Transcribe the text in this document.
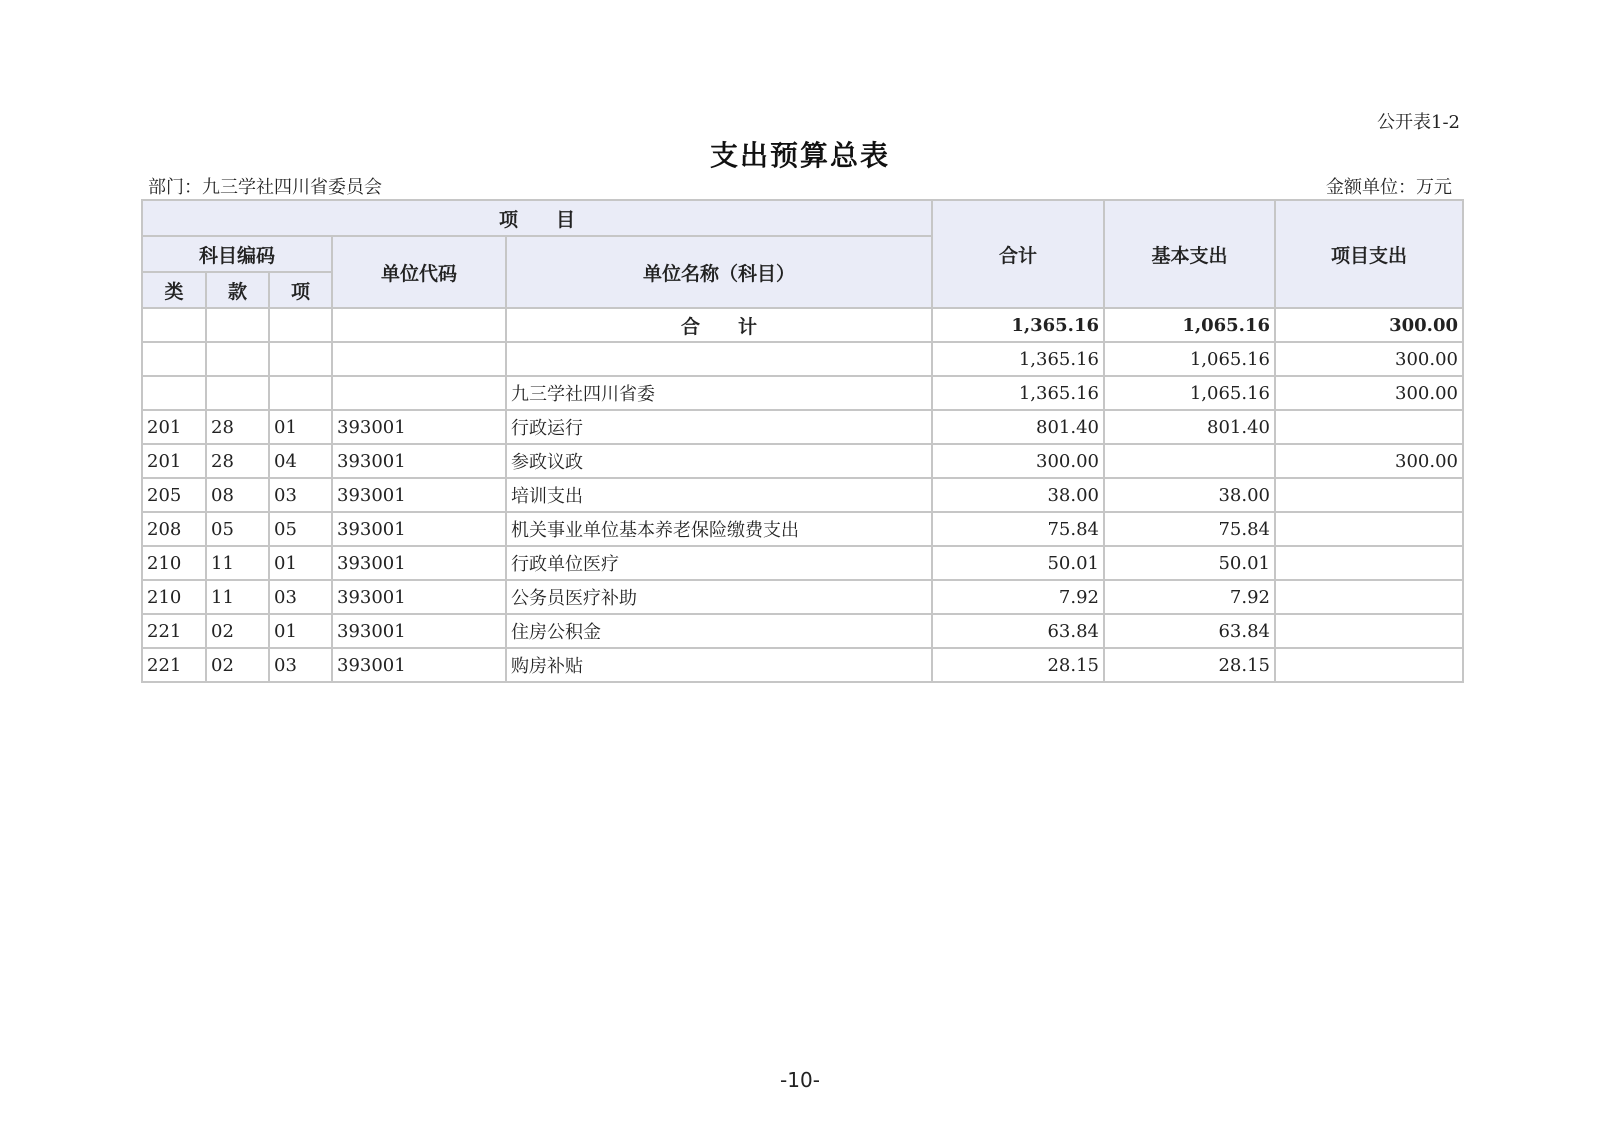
公开表1-2
支出预算总表
部门：九三学社四川省委员会	金额单位：万元
项　　目					合计	基本支出	项目支出
科目编码			单位代码	单位名称（科目）			
类	款	项					
				合　　计	1,365.16	1,065.16	300.00
					1,365.16	1,065.16	300.00
				九三学社四川省委	1,365.16	1,065.16	300.00
201	28	01	393001	行政运行	801.40	801.40	
201	28	04	393001	参政议政	300.00		300.00
205	08	03	393001	培训支出	38.00	38.00	
208	05	05	393001	机关事业单位基本养老保险缴费支出	75.84	75.84	
210	11	01	393001	行政单位医疗	50.01	50.01	
210	11	03	393001	公务员医疗补助	7.92	7.92	
221	02	01	393001	住房公积金	63.84	63.84	
221	02	03	393001	购房补贴	28.15	28.15	
-10-
